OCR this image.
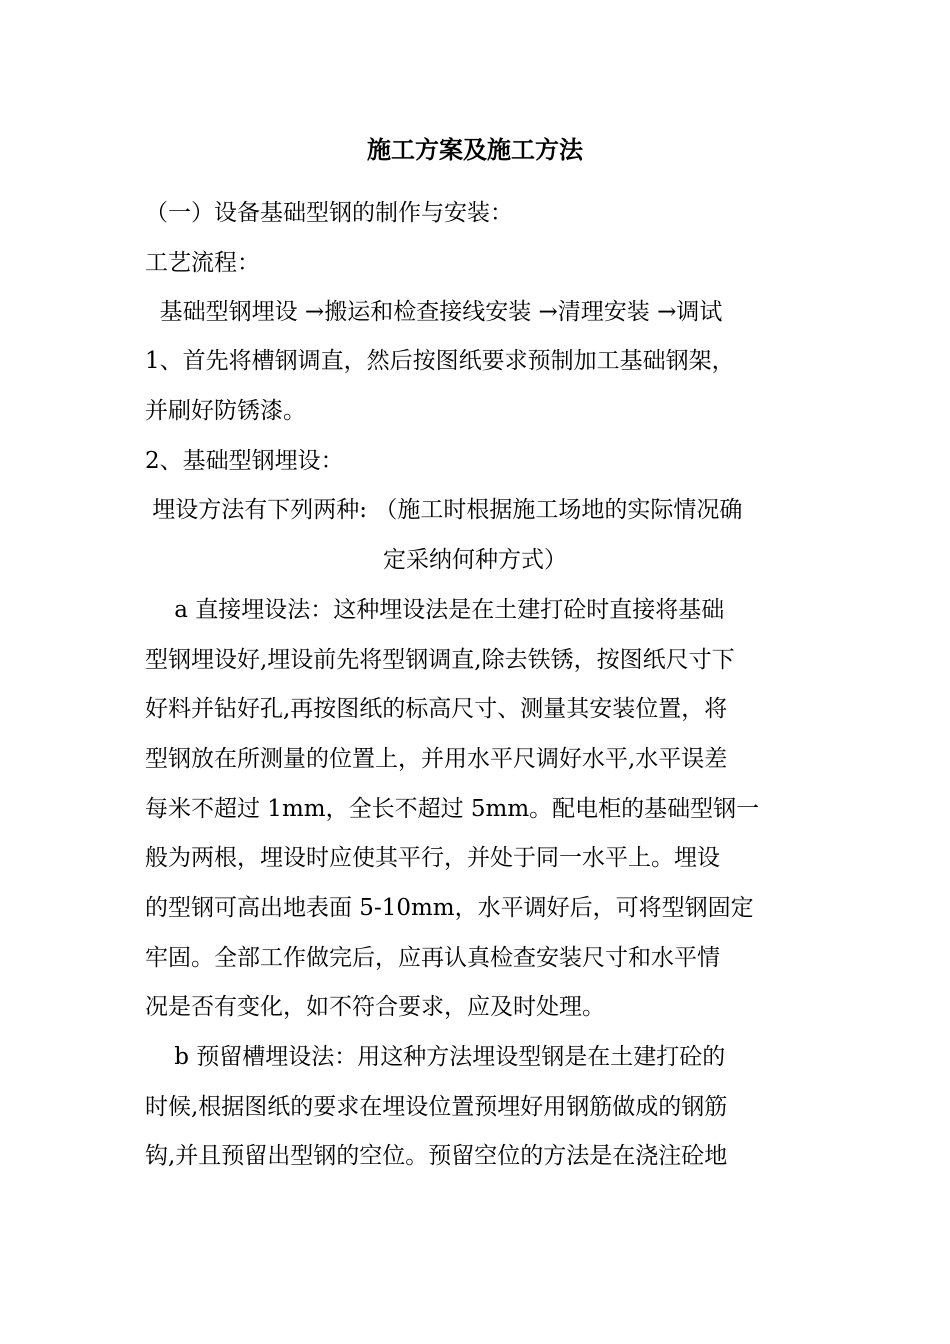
施工方案及施工方法
（一）设备基础型钢的制作与安装：
工艺流程：
基础型钢埋设 →搬运和检查接线安装 →清理安装 →调试
1、首先将槽钢调直，然后按图纸要求预制加工基础钢架，
并刷好防锈漆。
2、基础型钢埋设：
埋设方法有下列两种: （施工时根据施工场地的实际情况确
定采纳何种方式）
a 直接埋设法：这种埋设法是在土建打砼时直接将基础
型钢埋设好,埋设前先将型钢调直,除去铁锈，按图纸尺寸下
好料并钻好孔,再按图纸的标高尺寸、测量其安装位置，将
型钢放在所测量的位置上，并用水平尺调好水平,水平误差
每米不超过 1mm，全长不超过 5mm。配电柜的基础型钢一
般为两根，埋设时应使其平行，并处于同一水平上。埋设
的型钢可高出地表面 5-10mm，水平调好后，可将型钢固定
牢固。全部工作做完后，应再认真检查安装尺寸和水平情
况是否有变化，如不符合要求，应及时处理。
b 预留槽埋设法：用这种方法埋设型钢是在土建打砼的
时候,根据图纸的要求在埋设位置预埋好用钢筋做成的钢筋
钩,并且预留出型钢的空位。预留空位的方法是在浇注砼地
